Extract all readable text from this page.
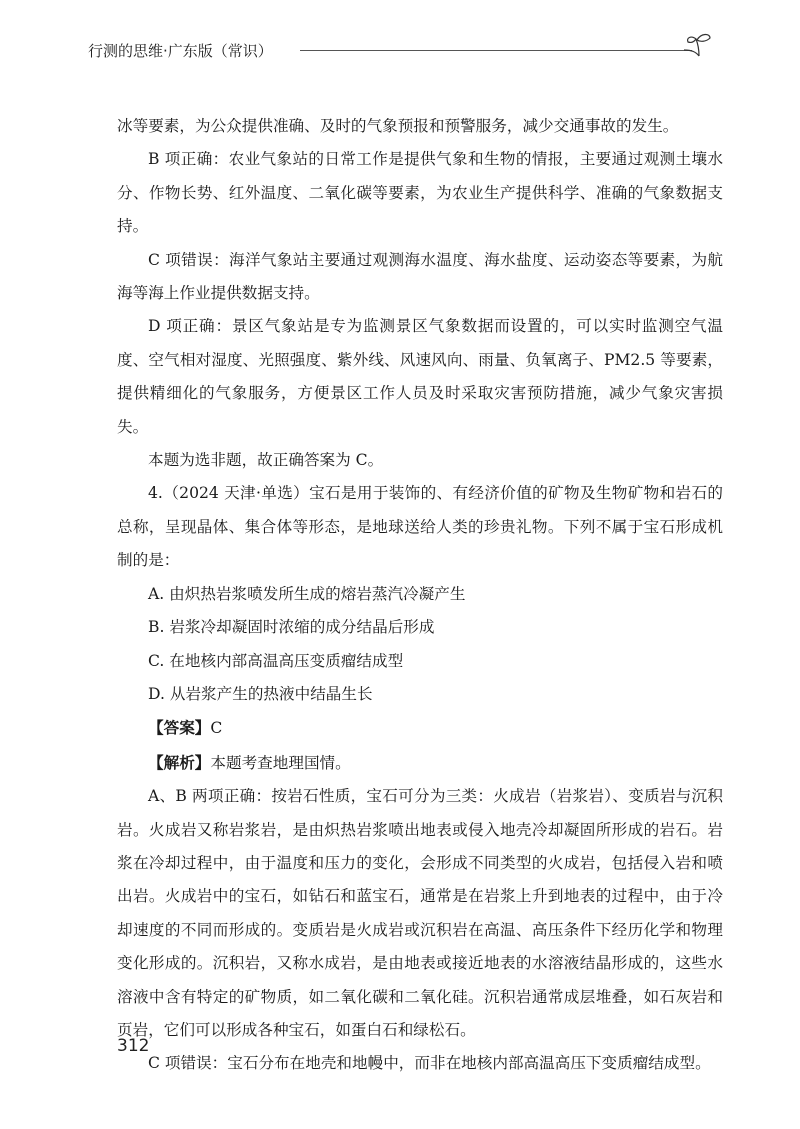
行测的思维·广东版（常识）

冰等要素，为公众提供准确、及时的气象预报和预警服务，减少交通事故的发生。

B 项正确：农业气象站的日常工作是提供气象和生物的情报，主要通过观测土壤水分、作物长势、红外温度、二氧化碳等要素，为农业生产提供科学、准确的气象数据支持。

C 项错误：海洋气象站主要通过观测海水温度、海水盐度、运动姿态等要素，为航海等海上作业提供数据支持。

D 项正确：景区气象站是专为监测景区气象数据而设置的，可以实时监测空气温度、空气相对湿度、光照强度、紫外线、风速风向、雨量、负氧离子、PM2.5 等要素，提供精细化的气象服务，方便景区工作人员及时采取灾害预防措施，减少气象灾害损失。

本题为选非题，故正确答案为 C。

4.（2024 天津·单选）宝石是用于装饰的、有经济价值的矿物及生物矿物和岩石的总称，呈现晶体、集合体等形态，是地球送给人类的珍贵礼物。下列不属于宝石形成机制的是：

A. 由炽热岩浆喷发所生成的熔岩蒸汽冷凝产生

B. 岩浆冷却凝固时浓缩的成分结晶后形成

C. 在地核内部高温高压变质瘤结成型

D. 从岩浆产生的热液中结晶生长

【答案】C

【解析】本题考查地理国情。

A、B 两项正确：按岩石性质，宝石可分为三类：火成岩（岩浆岩）、变质岩与沉积岩。火成岩又称岩浆岩，是由炽热岩浆喷出地表或侵入地壳冷却凝固所形成的岩石。岩浆在冷却过程中，由于温度和压力的变化，会形成不同类型的火成岩，包括侵入岩和喷出岩。火成岩中的宝石，如钻石和蓝宝石，通常是在岩浆上升到地表的过程中，由于冷却速度的不同而形成的。变质岩是火成岩或沉积岩在高温、高压条件下经历化学和物理变化形成的。沉积岩，又称水成岩，是由地表或接近地表的水溶液结晶形成的，这些水溶液中含有特定的矿物质，如二氧化碳和二氧化硅。沉积岩通常成层堆叠，如石灰岩和页岩，它们可以形成各种宝石，如蛋白石和绿松石。

C 项错误：宝石分布在地壳和地幔中，而非在地核内部高温高压下变质瘤结成型。

312
